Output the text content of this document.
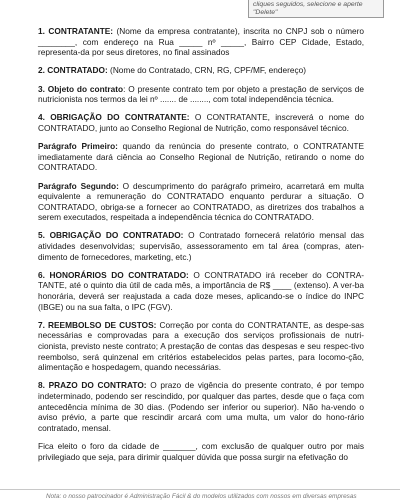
cliques seguidos, selecione e aperte "Delete"

1. CONTRATANTE: (Nome da empresa contratante), inscrita no CNPJ sob o número ________, com endereço na Rua _____ nº _____, Bairro CEP Cidade, Estado, representa-da por seus diretores, no final assinados

2. CONTRATADO: (Nome do Contratado, CRN, RG, CPF/MF, endereço)

3. Objeto do contrato: O presente contrato tem por objeto a prestação de serviços de nutricionista nos termos da lei nº ....... de ........, com total independência técnica.

4. OBRIGAÇÃO DO CONTRATANTE: O CONTRATANTE, inscreverá o nome do CONTRATADO, junto ao Conselho Regional de Nutrição, como responsável técnico.

Parágrafo Primeiro: quando da renúncia do presente contrato, o CONTRATANTE imediatamente dará ciência ao Conselho Regional de Nutrição, retirando o nome do CONTRATADO.

Parágrafo Segundo: O descumprimento do parágrafo primeiro, acarretará em multa equivalente a remuneração do CONTRATADO enquanto perdurar a situação. O CONTRATADO, obriga-se a fornecer ao CONTRATADO, as diretrizes dos trabalhos a serem executados, respeitada a independência técnica do CONTRATADO.

5. OBRIGAÇÃO DO CONTRATADO: O Contratado fornecerá relatório mensal das atividades desenvolvidas; supervisão, assessoramento em tal área (compras, aten-dimento de fornecedores, marketing, etc.)

6. HONORÁRIOS DO CONTRATADO: O CONTRATADO irá receber do CONTRA-TANTE, até o quinto dia útil de cada mês, a importância de R$ ____ (extenso). A ver-ba honorária, deverá ser reajustada a cada doze meses, aplicando-se o índice do INPC (IBGE) ou na sua falta, o IPC (FGV).

7. REEMBOLSO DE CUSTOS: Correção por conta do CONTRATANTE, as despe-sas necessárias e comprovadas para a execução dos serviços profissionais de nutri-cionista, previsto neste contrato; A prestação de contas das despesas e seu respec-tivo reembolso, será quinzenal em critérios estabelecidos pelas partes, para locomo-ção, alimentação e hospedagem, quando necessárias.

8. PRAZO DO CONTRATO: O prazo de vigência do presente contrato, é por tempo indeterminado, podendo ser rescindido, por qualquer das partes, desde que o faça com antecedência mínima de 30 dias. (Podendo ser inferior ou superior). Não ha-vendo o aviso prévio, a parte que rescindir arcará com uma multa, um valor do hono-rário contratado, mensal.

Fica eleito o foro da cidade de _______, com exclusão de qualquer outro por mais privilegiado que seja, para dirimir qualquer dúvida que possa surgir na efetivação do

Nota: o nosso patrocinador é Administração Fácil & do modelos utilizados com nossos em diversas empresas
